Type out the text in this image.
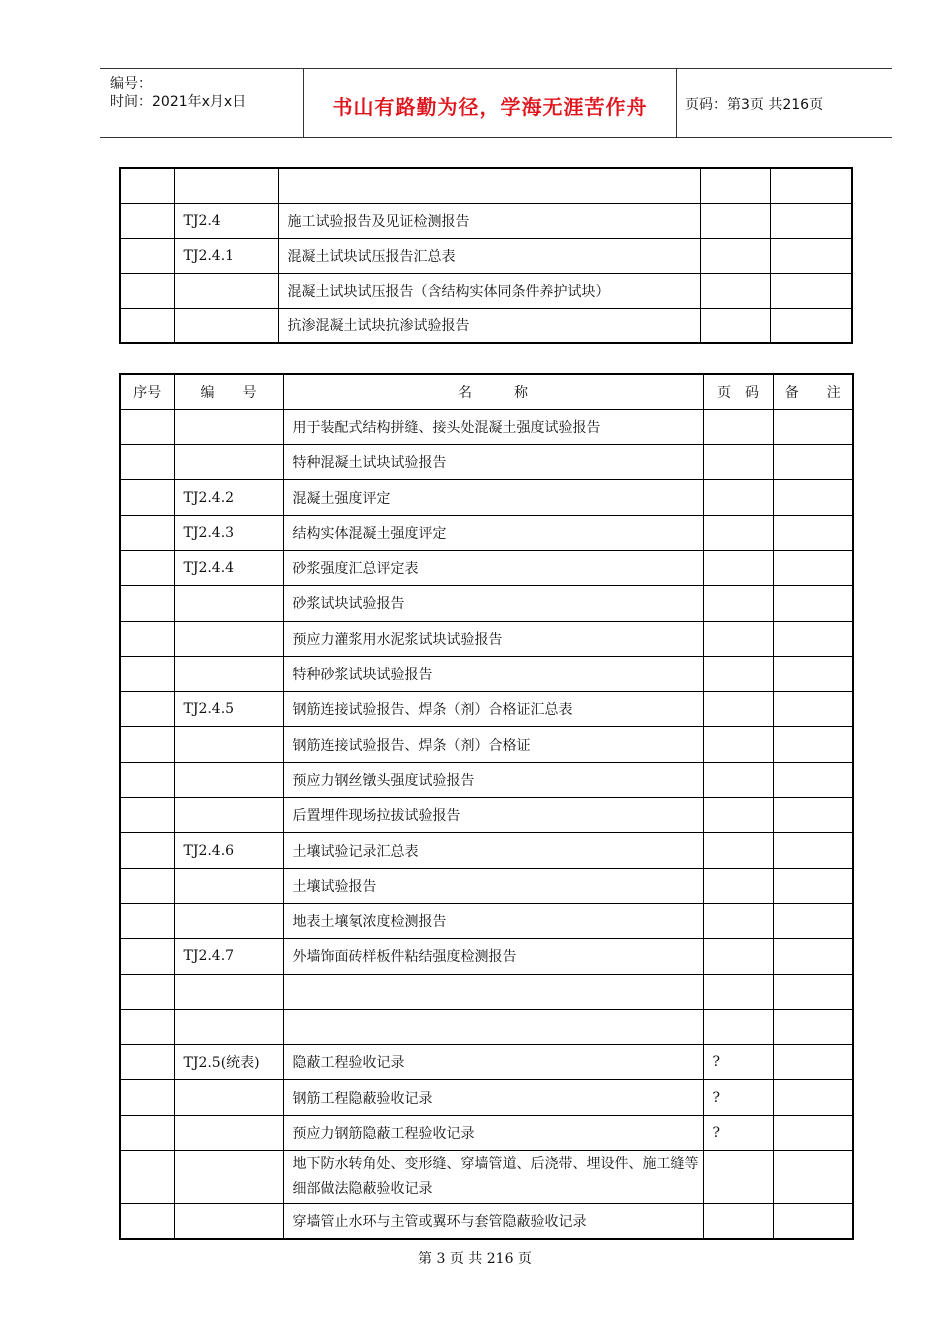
编号：
时间：2021年x月x日	书山有路勤为径，学海无涯苦作舟	页码：第3页 共216页

	TJ2.4	施工试验报告及见证检测报告		
	TJ2.4.1	混凝土试块试压报告汇总表		
		混凝土试块试压报告（含结构实体同条件养护试块）		
		抗渗混凝土试块抗渗试验报告		
序号	编　　号	名　　　称	页　码	备　　注
		用于装配式结构拼缝、接头处混凝土强度试验报告		
		特种混凝土试块试验报告		
	TJ2.4.2	混凝土强度评定		
	TJ2.4.3	结构实体混凝土强度评定		
	TJ2.4.4	砂浆强度汇总评定表		
		砂浆试块试验报告		
		预应力灌浆用水泥浆试块试验报告		
		特种砂浆试块试验报告		
	TJ2.4.5	钢筋连接试验报告、焊条（剂）合格证汇总表		
		钢筋连接试验报告、焊条（剂）合格证		
		预应力钢丝镦头强度试验报告		
		后置埋件现场拉拔试验报告		
	TJ2.4.6	土壤试验记录汇总表		
		土壤试验报告		
		地表土壤氡浓度检测报告		
	TJ2.4.7	外墙饰面砖样板件粘结强度检测报告		

	TJ2.5(统表)	隐蔽工程验收记录	?	
		钢筋工程隐蔽验收记录	?	
		预应力钢筋隐蔽工程验收记录	?	
		地下防水转角处、变形缝、穿墙管道、后浇带、埋设件、施工缝等细部做法隐蔽验收记录		
		穿墙管止水环与主管或翼环与套管隐蔽验收记录		
第 3 页 共 216 页
